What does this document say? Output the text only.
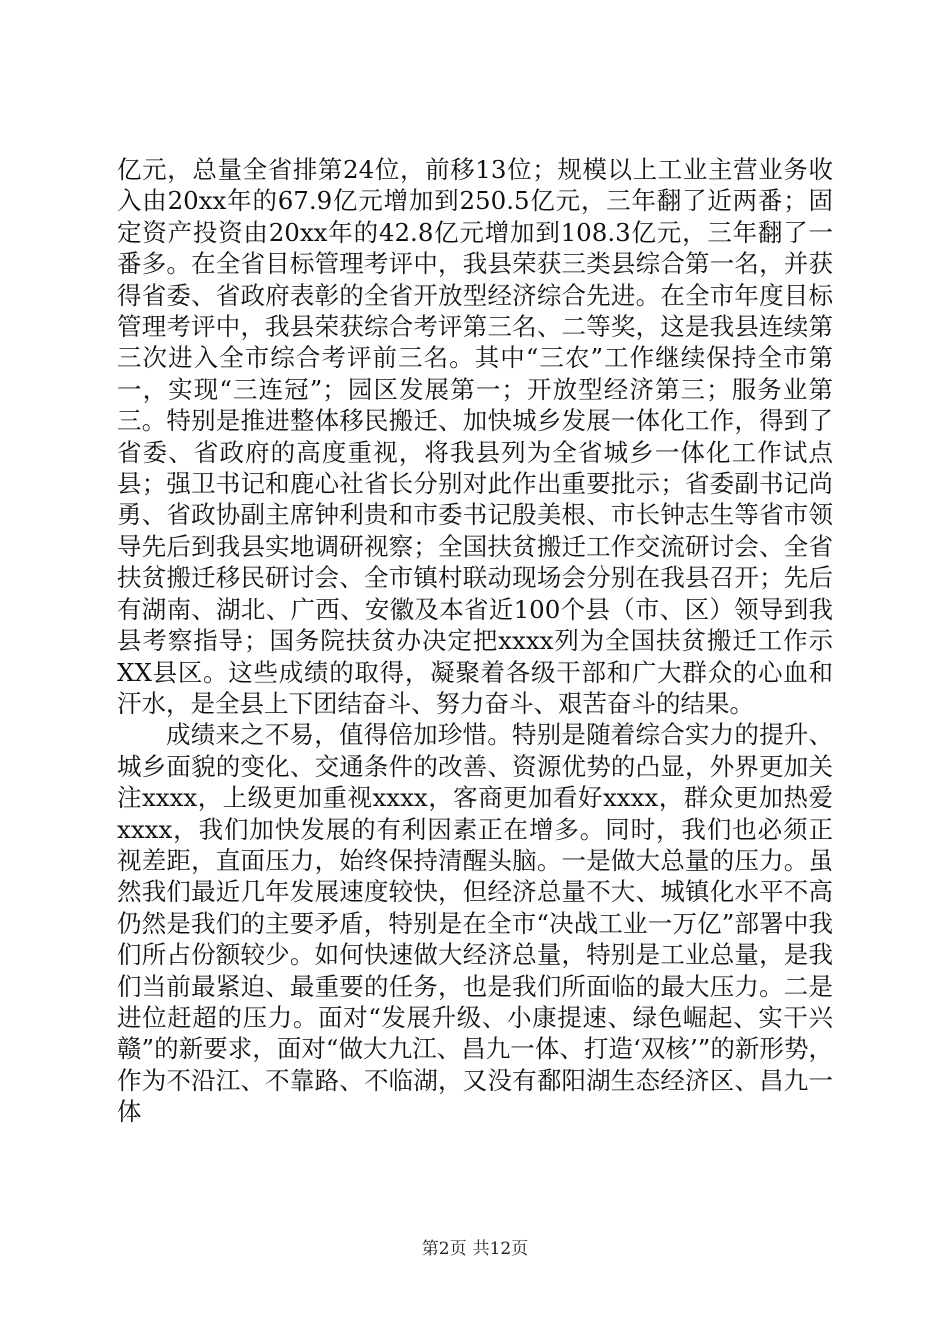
亿元，总量全省排第24位，前移13位；规模以上工业主营业务收入由20xx年的67.9亿元增加到250.5亿元，三年翻了近两番；固定资产投资由20xx年的42.8亿元增加到108.3亿元，三年翻了一番多。在全省目标管理考评中，我县荣获三类县综合第一名，并获得省委、省政府表彰的全省开放型经济综合先进。在全市年度目标管理考评中，我县荣获综合考评第三名、二等奖，这是我县连续第三次进入全市综合考评前三名。其中“三农”工作继续保持全市第一，实现“三连冠”；园区发展第一；开放型经济第三；服务业第三。特别是推进整体移民搬迁、加快城乡发展一体化工作，得到了省委、省政府的高度重视，将我县列为全省城乡一体化工作试点县；强卫书记和鹿心社省长分别对此作出重要批示；省委副书记尚勇、省政协副主席钟利贵和市委书记殷美根、市长钟志生等省市领导先后到我县实地调研视察；全国扶贫搬迁工作交流研讨会、全省扶贫搬迁移民研讨会、全市镇村联动现场会分别在我县召开；先后有湖南、湖北、广西、安徽及本省近100个县（市、区）领导到我县考察指导；国务院扶贫办决定把xxxx列为全国扶贫搬迁工作示XX县区。这些成绩的取得，凝聚着各级干部和广大群众的心血和汗水，是全县上下团结奋斗、努力奋斗、艰苦奋斗的结果。

成绩来之不易，值得倍加珍惜。特别是随着综合实力的提升、城乡面貌的变化、交通条件的改善、资源优势的凸显，外界更加关注xxxx，上级更加重视xxxx，客商更加看好xxxx，群众更加热爱xxxx，我们加快发展的有利因素正在增多。同时，我们也必须正视差距，直面压力，始终保持清醒头脑。一是做大总量的压力。虽然我们最近几年发展速度较快，但经济总量不大、城镇化水平不高仍然是我们的主要矛盾，特别是在全市“决战工业一万亿”部署中我们所占份额较少。如何快速做大经济总量，特别是工业总量，是我们当前最紧迫、最重要的任务，也是我们所面临的最大压力。二是进位赶超的压力。面对“发展升级、小康提速、绿色崛起、实干兴赣”的新要求，面对“做大九江、昌九一体、打造‘双核’”的新形势，作为不沿江、不靠路、不临湖，又没有鄱阳湖生态经济区、昌九一体

第2页 共12页
